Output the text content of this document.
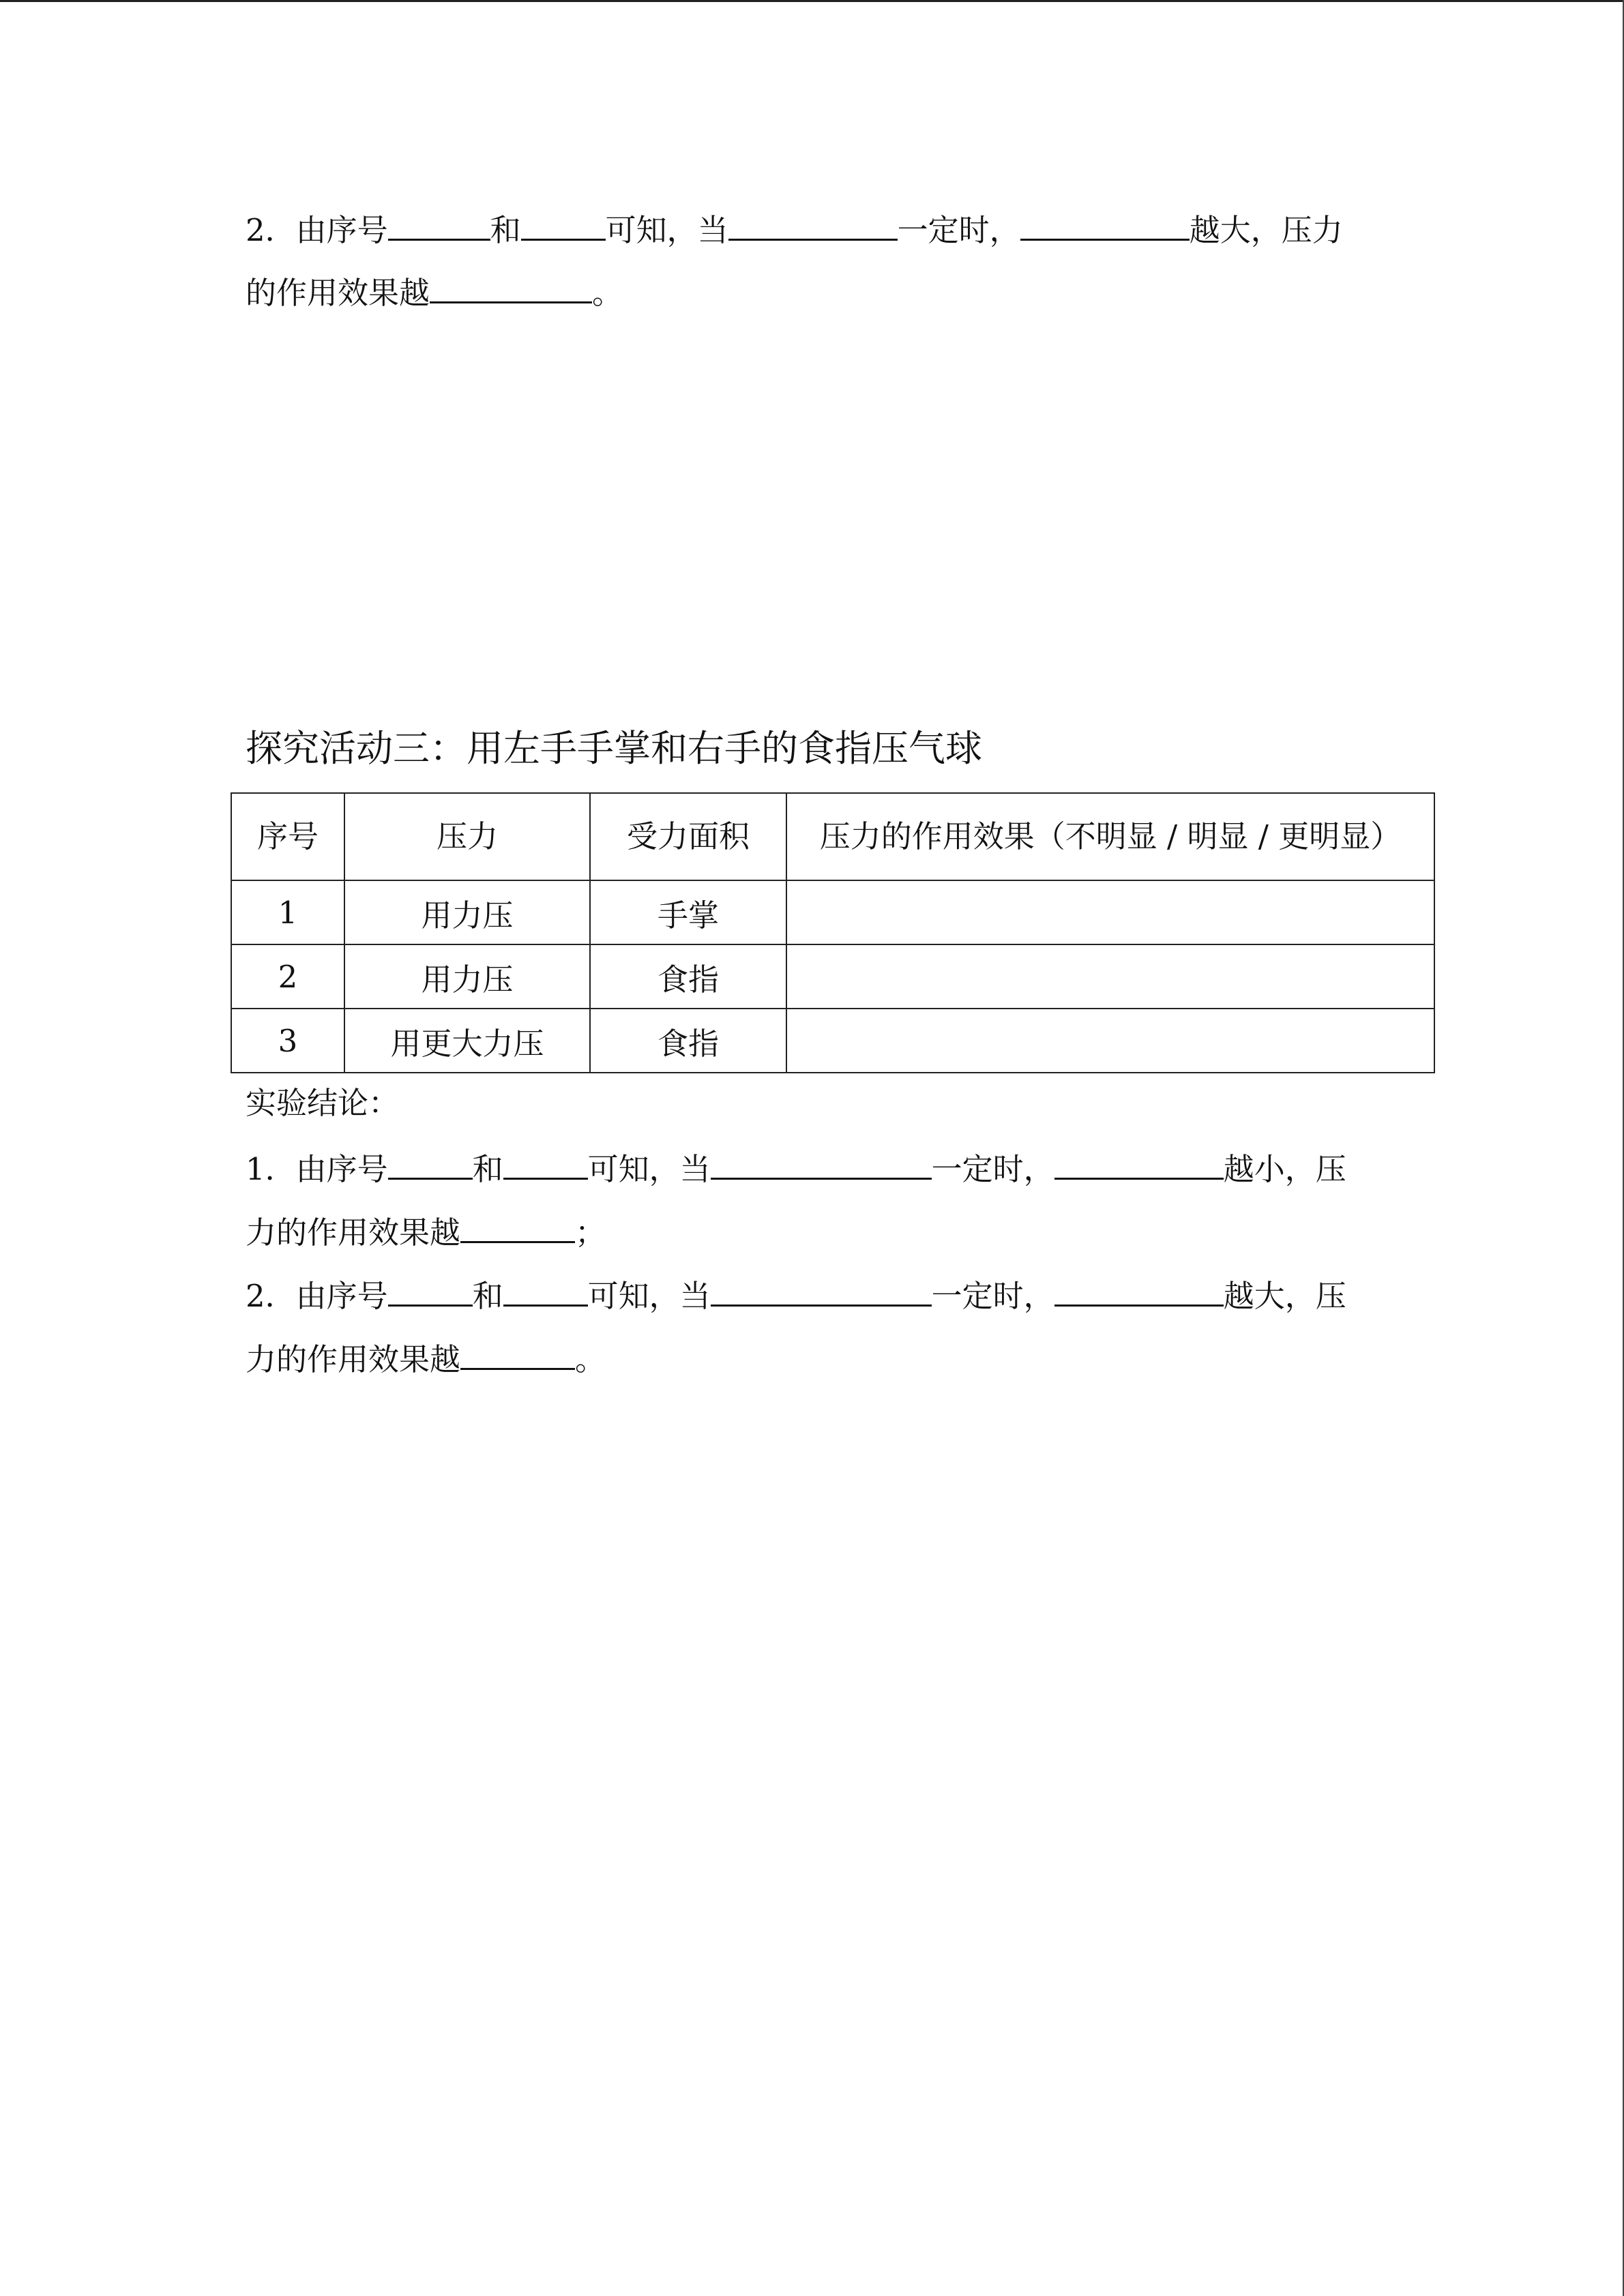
2．由序号	和	可知，当	一定时，	越大，压力
的作用效果越	。
探究活动三：用左手手掌和右手的食指压气球
序号	压力	受力面积	压力的作用效果（不明显 / 明显 / 更明显）
1	用力压	手掌	
2	用力压	食指	
3	用更大力压	食指	
实验结论：
1．由序号	和	可知，当	一定时，	越小，压
力的作用效果越	；
2．由序号	和	可知，当	一定时，	越大，压
力的作用效果越	。
